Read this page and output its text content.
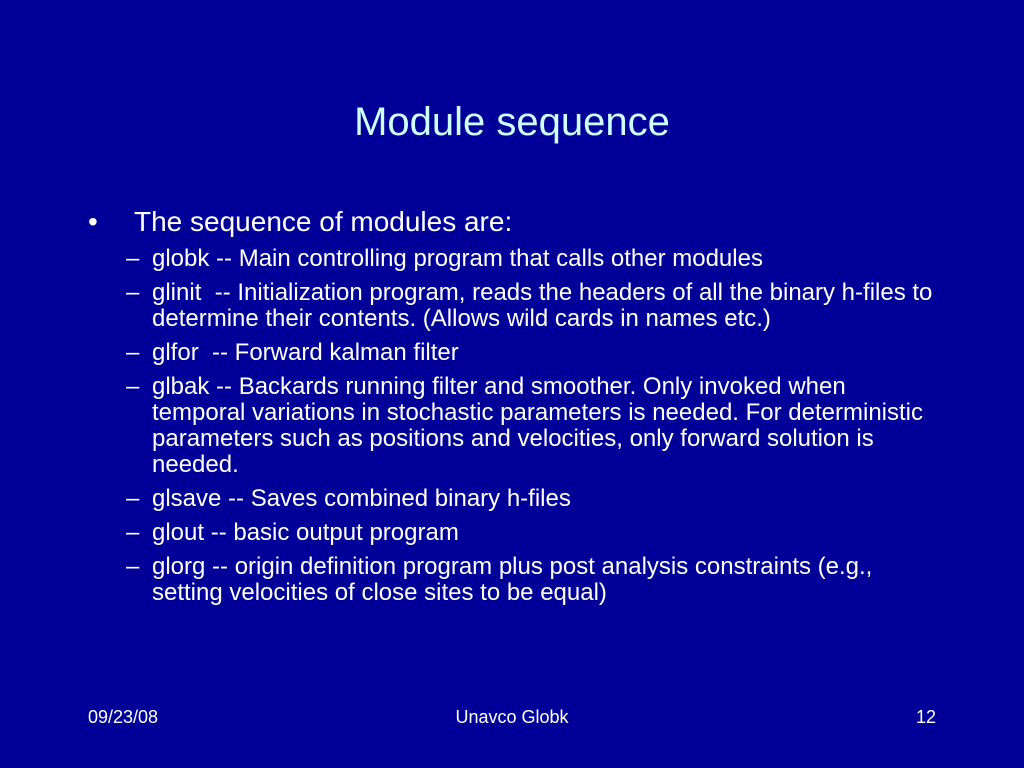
Module sequence
• The sequence of modules are:
– globk -- Main controlling program that calls other modules
– glinit  -- Initialization program, reads the headers of all the binary h-files to determine their contents. (Allows wild cards in names etc.)
– glfor  -- Forward kalman filter
– glbak -- Backards running filter and smoother. Only invoked when temporal variations in stochastic parameters is needed. For deterministic parameters such as positions and velocities, only forward solution is needed.
– glsave -- Saves combined binary h-files
– glout -- basic output program
– glorg -- origin definition program plus post analysis constraints (e.g., setting velocities of close sites to be equal)
09/23/08	Unavco Globk	12
